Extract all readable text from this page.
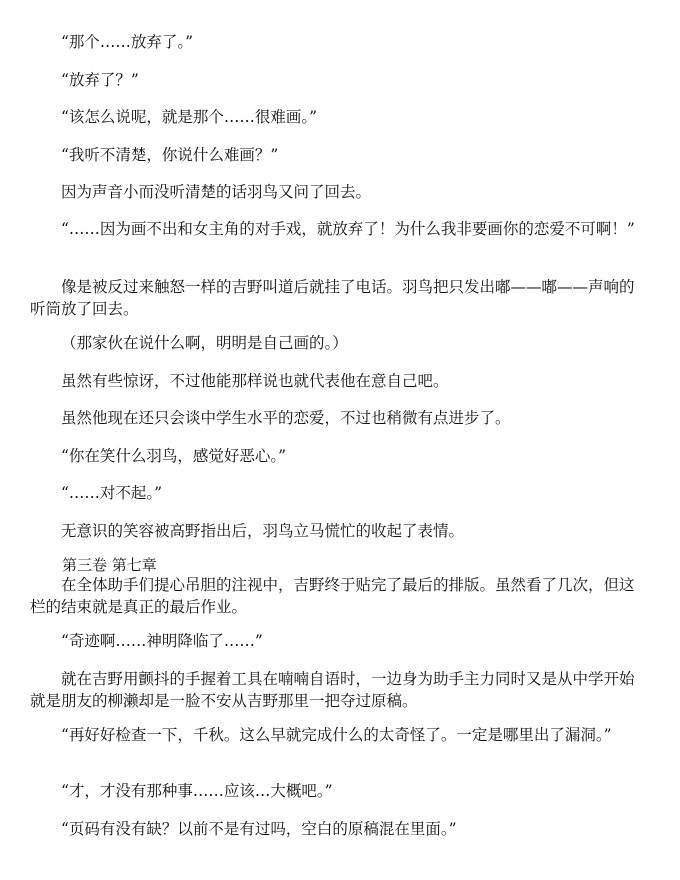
“那个……放弃了。”

“放弃了？”

“该怎么说呢，就是那个……很难画。”

“我听不清楚，你说什么难画？”

因为声音小而没听清楚的话羽鸟又问了回去。

“……因为画不出和女主角的对手戏，就放弃了！为什么我非要画你的恋爱不可啊！”

像是被反过来触怒一样的吉野叫道后就挂了电话。羽鸟把只发出嘟——嘟——声响的听筒放了回去。

（那家伙在说什么啊，明明是自己画的。）

虽然有些惊讶，不过他能那样说也就代表他在意自己吧。

虽然他现在还只会谈中学生水平的恋爱，不过也稍微有点进步了。

“你在笑什么羽鸟，感觉好恶心。”

“……对不起。”

无意识的笑容被高野指出后，羽鸟立马慌忙的收起了表情。

第三卷 第七章

在全体助手们提心吊胆的注视中，吉野终于贴完了最后的排版。虽然看了几次，但这栏的结束就是真正的最后作业。

“奇迹啊……神明降临了……”

就在吉野用颤抖的手握着工具在喃喃自语时，一边身为助手主力同时又是从中学开始就是朋友的柳濑却是一脸不安从吉野那里一把夺过原稿。

“再好好检查一下，千秋。这么早就完成什么的太奇怪了。一定是哪里出了漏洞。”

“才，才没有那种事……应该…大概吧。”

“页码有没有缺？以前不是有过吗，空白的原稿混在里面。”
